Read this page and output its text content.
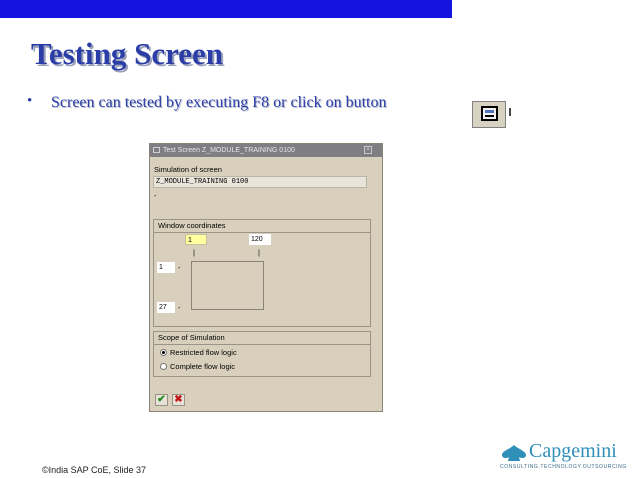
Testing Screen
• Screen can tested by executing F8 or click on button
Test Screen Z_MODULE_TRAINING 0100	×
Simulation of screen
Z_MODULE_TRAINING 0100
-
Window coordinates
1	120
|	|
1	-
27	-
Scope of Simulation
Restricted flow logic
Complete flow logic
✔ ✖
©India SAP CoE, Slide 37
Capgemini
CONSULTING.TECHNOLOGY.OUTSOURCING
